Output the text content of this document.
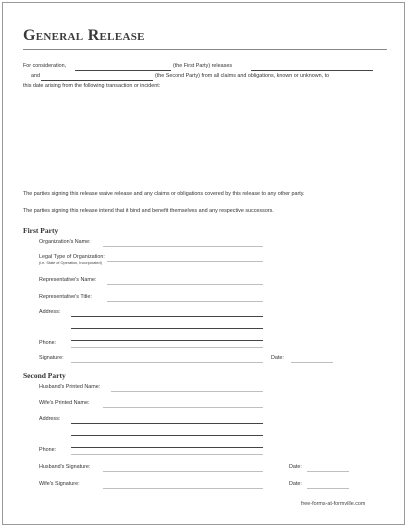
General Release
For consideration,	(the First Party) releases
and	(the Second Party) from all claims and obligations, known or unknown, to
this date arising from the following transaction or incident:
The parties signing this release waive release and any claims or obligations covered by this release to any other party.
The parties signing this release intend that it bind and benefit themselves and any respective successors.
First Party
Organization's Name:
Legal Type of Organization:
(i.e. State of Operation, Incorporated)
Representative's Name:
Representative's Title:
Address:
Phone:
Signature:	Date:
Second Party
Husband's Printed Name:
Wife's Printed Name:
Address:
Phone:
Husband's Signature:	Date:
Wife's Signature:	Date:
free-forms-at-formville.com
